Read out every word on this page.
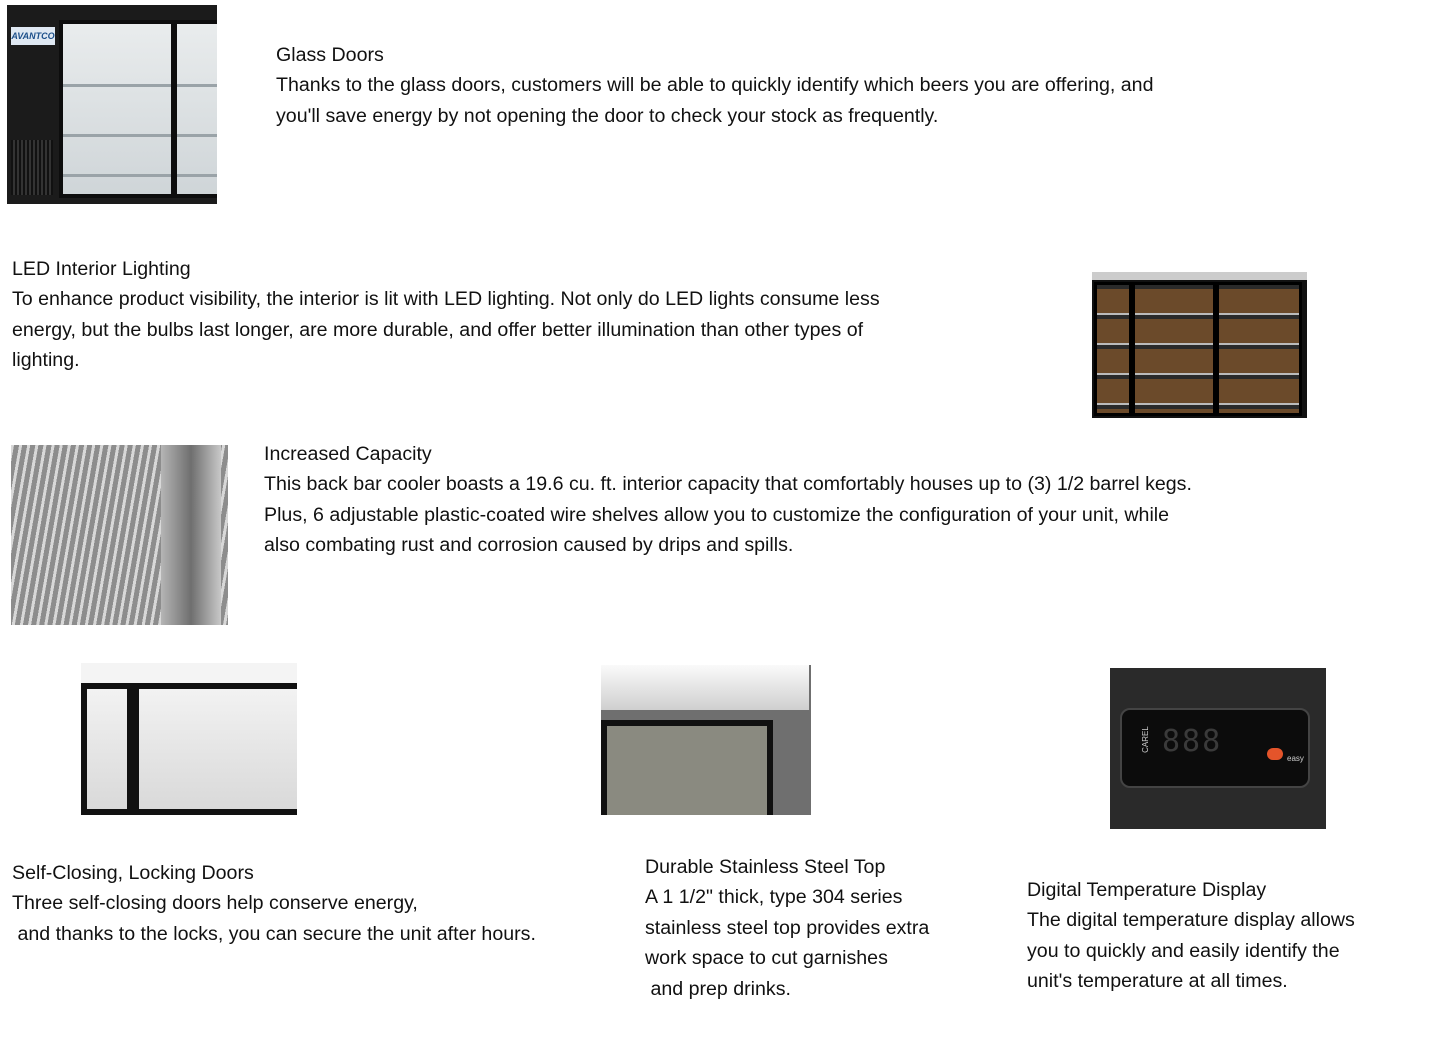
AVANTCO
Glass Doors
Thanks to the glass doors, customers will be able to quickly identify which beers you are offering, and
you'll save energy by not opening the door to check your stock as frequently.
LED Interior Lighting
To enhance product visibility, the interior is lit with LED lighting. Not only do LED lights consume less
energy, but the bulbs last longer, are more durable, and offer better illumination than other types of
lighting.
Increased Capacity
This back bar cooler boasts a 19.6 cu. ft. interior capacity that comfortably houses up to (3) 1/2 barrel kegs.
Plus, 6 adjustable plastic-coated wire shelves allow you to customize the configuration of your unit, while
also combating rust and corrosion caused by drips and spills.
CAREL 888	easy
Self-Closing, Locking Doors
Three self-closing doors help conserve energy,
and thanks to the locks, you can secure the unit after hours.
Durable Stainless Steel Top
A 1 1/2" thick, type 304 series
stainless steel top provides extra
work space to cut garnishes
and prep drinks.
Digital Temperature Display
The digital temperature display allows
you to quickly and easily identify the
unit's temperature at all times.
